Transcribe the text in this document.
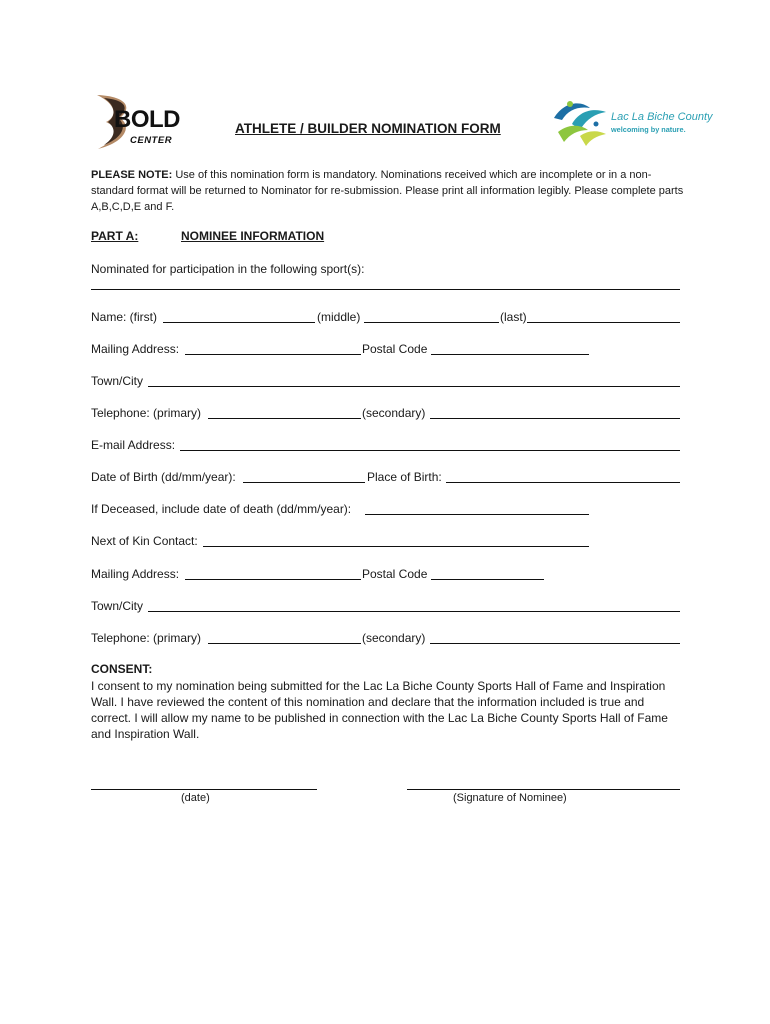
BOLD
CENTER
ATHLETE / BUILDER NOMINATION FORM
Lac La Biche County
welcoming by nature.
PLEASE NOTE: Use of this nomination form is mandatory. Nominations received which are incomplete or in a non-standard format will be returned to Nominator for re-submission. Please print all information legibly. Please complete parts A,B,C,D,E and F.
PART A:	NOMINEE INFORMATION
Nominated for participation in the following sport(s):
Name: (first)	(middle)	(last)
Mailing Address:	Postal Code
Town/City
Telephone: (primary)	(secondary)
E-mail Address:
Date of Birth (dd/mm/year):	Place of Birth:
If Deceased, include date of death (dd/mm/year):
Next of Kin Contact:
Mailing Address:	Postal Code
Town/City
Telephone: (primary)	(secondary)
CONSENT:
I consent to my nomination being submitted for the Lac La Biche County Sports Hall of Fame and Inspiration Wall. I have reviewed the content of this nomination and declare that the information included is true and correct. I will allow my name to be published in connection with the Lac La Biche County Sports Hall of Fame and Inspiration Wall.
(date)	(Signature of Nominee)
